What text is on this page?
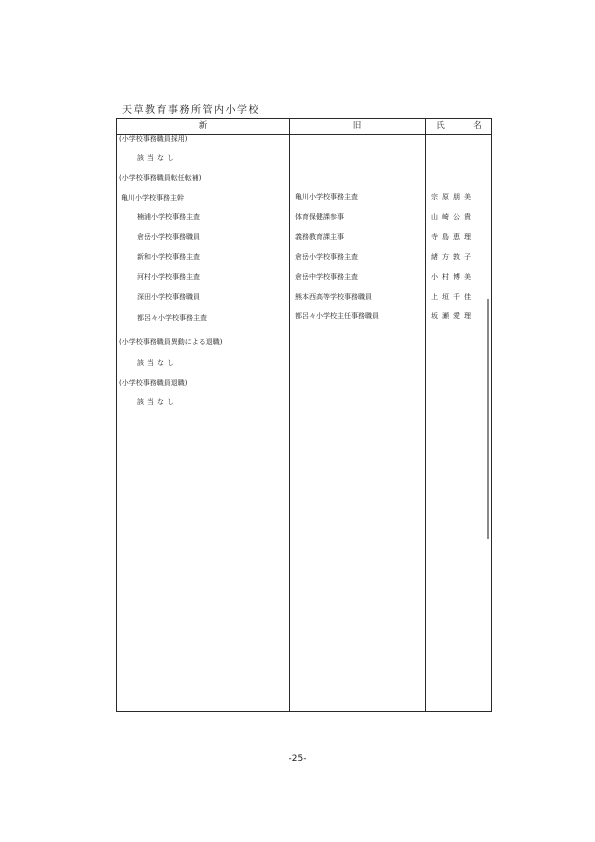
天草教育事務所管内小学校
新	旧	氏　名
(小学校事務職員採用)
該当なし
(小学校事務職員転任転補)
亀川小学校事務主幹	亀川小学校事務主査	宗原朋美
楠浦小学校事務主査	体育保健課参事	山崎公貴
倉岳小学校事務職員	義務教育課主事	寺島恵理
新和小学校事務主査	倉岳小学校事務主査	緒方敦子
河村小学校事務主査	倉岳中学校事務主査	小村博美
深田小学校事務職員	熊本西高等学校事務職員	上垣千佳
都呂々小学校事務主査	都呂々小学校主任事務職員	坂瀬愛理
(小学校事務職員異動による退職)
該当なし
(小学校事務職員退職)
該当なし
-25-
